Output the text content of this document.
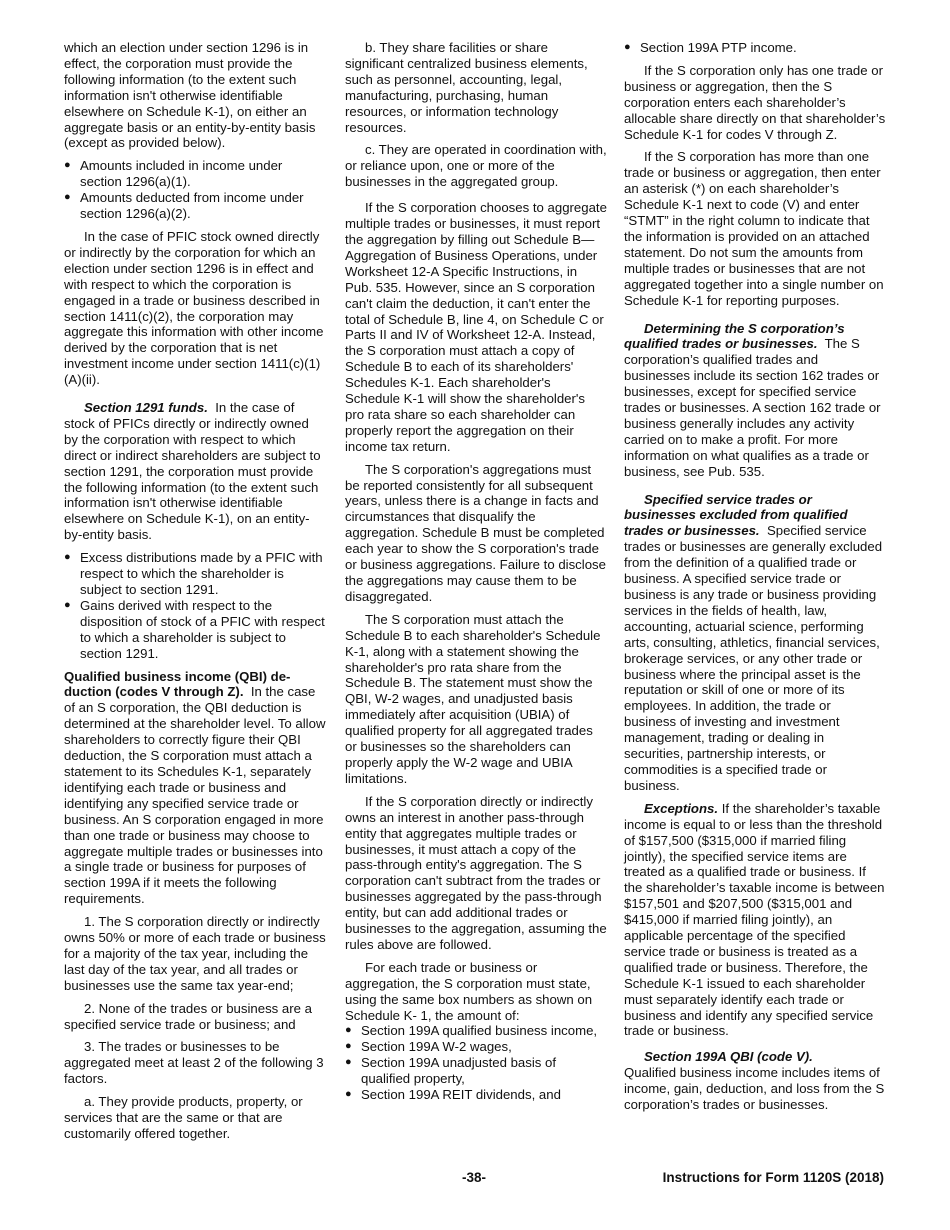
which an election under section 1296 is in effect, the corporation must provide the following information (to the extent such information isn't otherwise identifiable elsewhere on Schedule K-1), on either an aggregate basis or an entity-by-entity basis (except as provided below).

● Amounts included in income under section 1296(a)(1).
● Amounts deducted from income under section 1296(a)(2).

In the case of PFIC stock owned directly or indirectly by the corporation for which an election under section 1296 is in effect and with respect to which the corporation is engaged in a trade or business described in section 1411(c)(2), the corporation may aggregate this information with other income derived by the corporation that is net investment income under section 1411(c)(1)(A)(ii).

Section 1291 funds. In the case of stock of PFICs directly or indirectly owned by the corporation with respect to which direct or indirect shareholders are subject to section 1291, the corporation must provide the following information (to the extent such information isn't otherwise identifiable elsewhere on Schedule K-1), on an entity-by-entity basis.

● Excess distributions made by a PFIC with respect to which the shareholder is subject to section 1291.
● Gains derived with respect to the disposition of stock of a PFIC with respect to which a shareholder is subject to section 1291.

Qualified business income (QBI) de-duction (codes V through Z). In the case of an S corporation, the QBI deduction is determined at the shareholder level. To allow shareholders to correctly figure their QBI deduction, the S corporation must attach a statement to its Schedules K-1, separately identifying each trade or business and identifying any specified service trade or business. An S corporation engaged in more than one trade or business may choose to aggregate multiple trades or businesses into a single trade or business for purposes of section 199A if it meets the following requirements.

1. The S corporation directly or indirectly owns 50% or more of each trade or business for a majority of the tax year, including the last day of the tax year, and all trades or businesses use the same tax year-end;

2. None of the trades or business are a specified service trade or business; and

3. The trades or businesses to be aggregated meet at least 2 of the following 3 factors.

a. They provide products, property, or services that are the same or that are customarily offered together.

b. They share facilities or share significant centralized business elements, such as personnel, accounting, legal, manufacturing, purchasing, human resources, or information technology resources.

c. They are operated in coordination with, or reliance upon, one or more of the businesses in the aggregated group.

If the S corporation chooses to aggregate multiple trades or businesses, it must report the aggregation by filling out Schedule B—Aggregation of Business Operations, under Worksheet 12-A Specific Instructions, in Pub. 535. However, since an S corporation can't claim the deduction, it can't enter the total of Schedule B, line 4, on Schedule C or Parts II and IV of Worksheet 12-A. Instead, the S corporation must attach a copy of Schedule B to each of its shareholders' Schedules K-1. Each shareholder's Schedule K-1 will show the shareholder's pro rata share so each shareholder can properly report the aggregation on their income tax return.

The S corporation's aggregations must be reported consistently for all subsequent years, unless there is a change in facts and circumstances that disqualify the aggregation. Schedule B must be completed each year to show the S corporation's trade or business aggregations. Failure to disclose the aggregations may cause them to be disaggregated.

The S corporation must attach the Schedule B to each shareholder's Schedule K-1, along with a statement showing the shareholder's pro rata share from the Schedule B. The statement must show the QBI, W-2 wages, and unadjusted basis immediately after acquisition (UBIA) of qualified property for all aggregated trades or businesses so the shareholders can properly apply the W-2 wage and UBIA limitations.

If the S corporation directly or indirectly owns an interest in another pass-through entity that aggregates multiple trades or businesses, it must attach a copy of the pass-through entity's aggregation. The S corporation can't subtract from the trades or businesses aggregated by the pass-through entity, but can add additional trades or businesses to the aggregation, assuming the rules above are followed.

For each trade or business or aggregation, the S corporation must state, using the same box numbers as shown on Schedule K- 1, the amount of:

● Section 199A qualified business income,
● Section 199A W-2 wages,
● Section 199A unadjusted basis of qualified property,
● Section 199A REIT dividends, and
● Section 199A PTP income.

If the S corporation only has one trade or business or aggregation, then the S corporation enters each shareholder’s allocable share directly on that shareholder’s Schedule K-1 for codes V through Z.

If the S corporation has more than one trade or business or aggregation, then enter an asterisk (*) on each shareholder’s Schedule K-1 next to code (V) and enter “STMT” in the right column to indicate that the information is provided on an attached statement. Do not sum the amounts from multiple trades or businesses that are not aggregated together into a single number on Schedule K-1 for reporting purposes.

Determining the S corporation’s qualified trades or businesses. The S corporation’s qualified trades and businesses include its section 162 trades or businesses, except for specified service trades or businesses. A section 162 trade or business generally includes any activity carried on to make a profit. For more information on what qualifies as a trade or business, see Pub. 535.

Specified service trades or businesses excluded from qualified trades or businesses. Specified service trades or businesses are generally excluded from the definition of a qualified trade or business. A specified service trade or business is any trade or business providing services in the fields of health, law, accounting, actuarial science, performing arts, consulting, athletics, financial services, brokerage services, or any other trade or business where the principal asset is the reputation or skill of one or more of its employees. In addition, the trade or business of investing and investment management, trading or dealing in securities, partnership interests, or commodities is a specified trade or business.

Exceptions. If the shareholder’s taxable income is equal to or less than the threshold of $157,500 ($315,000 if married filing jointly), the specified service items are treated as a qualified trade or business. If the shareholder’s taxable income is between $157,501 and $207,500 ($315,001 and $415,000 if married filing jointly), an applicable percentage of the specified service trade or business is treated as a qualified trade or business. Therefore, the Schedule K-1 issued to each shareholder must separately identify each trade or business and identify any specified service trade or business.

Section 199A QBI (code V).

Qualified business income includes items of income, gain, deduction, and loss from the S corporation’s trades or businesses.

-38-	Instructions for Form 1120S (2018)
